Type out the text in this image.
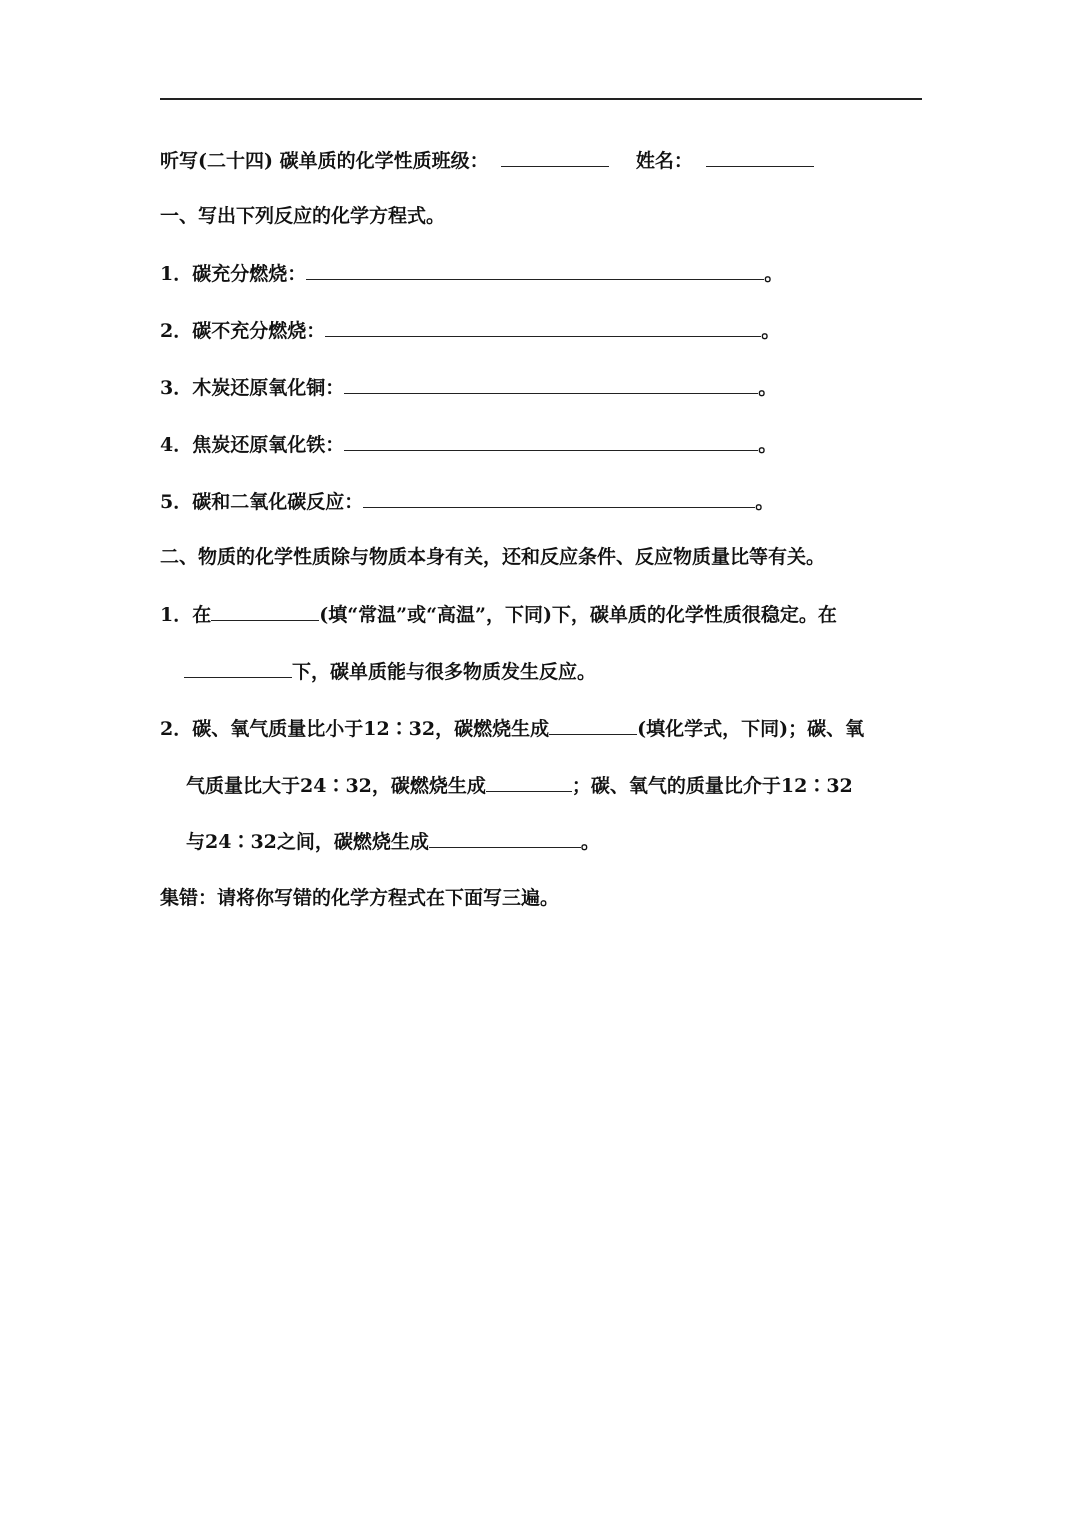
听写(二十四) 碳单质的化学性质班级：	姓名：
一、写出下列反应的化学方程式。
1．碳充分燃烧：	。
2．碳不充分燃烧：	。
3．木炭还原氧化铜：	。
4．焦炭还原氧化铁：	。
5．碳和二氧化碳反应：	。
二、物质的化学性质除与物质本身有关，还和反应条件、反应物质量比等有关。
1．在	(填“常温”或“高温”，下同)下，碳单质的化学性质很稳定。在
下，碳单质能与很多物质发生反应。
2．碳、氧气质量比小于12∶32，碳燃烧生成	(填化学式，下同)；碳、氧
气质量比大于24∶32，碳燃烧生成	；碳、氧气的质量比介于12∶32
与24∶32之间，碳燃烧生成	。
集错：请将你写错的化学方程式在下面写三遍。
